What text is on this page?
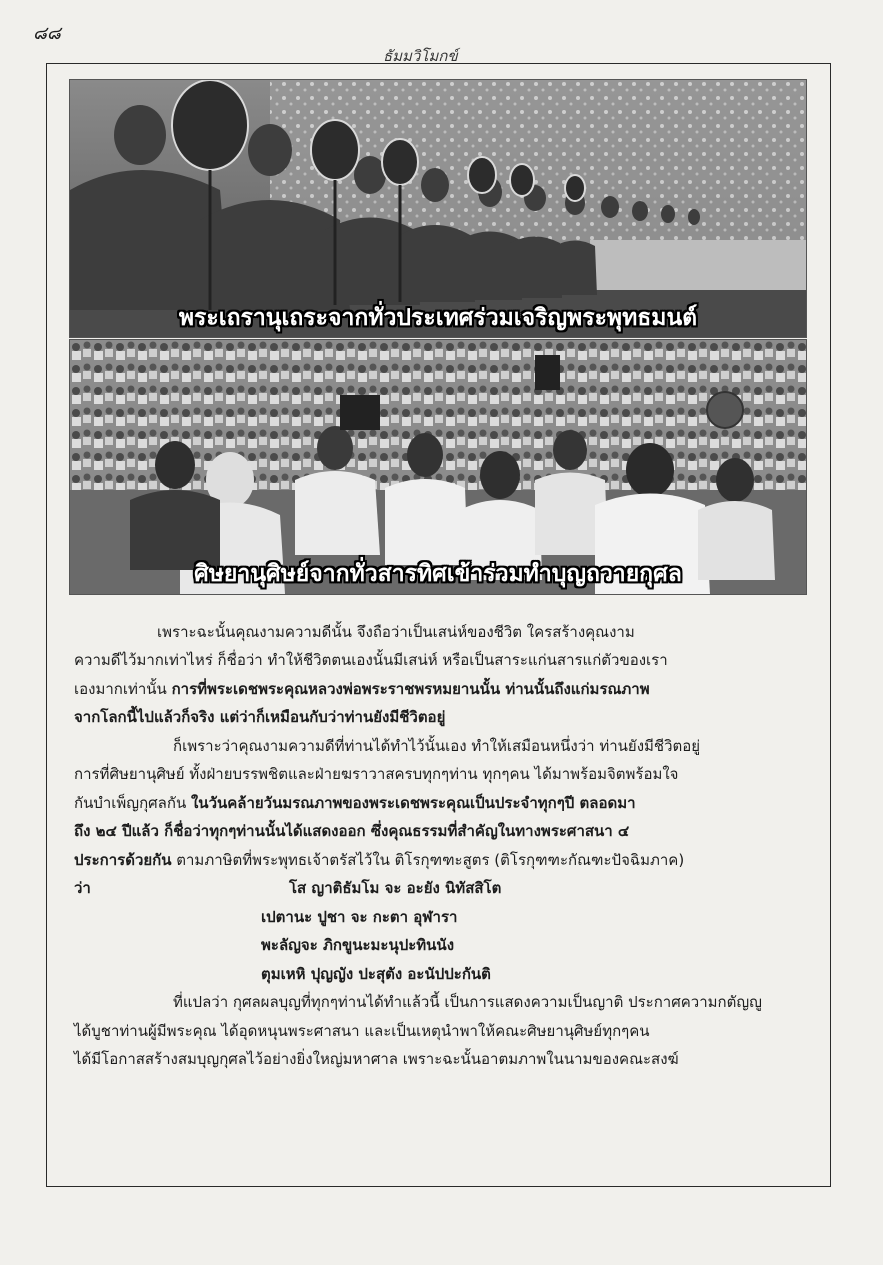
๘๘
ธัมมวิโมกข์
พระเถรานุเถระจากทั่วประเทศร่วมเจริญพระพุทธมนต์
ศิษยานุศิษย์จากทั่วสารทิศเข้าร่วมทำบุญถวายกุศล
เพราะฉะนั้นคุณงามความดีนั้น จึงถือว่าเป็นเสน่ห์ของชีวิต ใครสร้างคุณงาม
ความดีไว้มากเท่าไหร่ ก็ชื่อว่า ทำให้ชีวิตตนเองนั้นมีเสน่ห์ หรือเป็นสาระแก่นสารแก่ตัวของเรา
เองมากเท่านั้น การที่พระเดชพระคุณหลวงพ่อพระราชพรหมยานนั้น ท่านนั้นถึงแก่มรณภาพ
จากโลกนี้ไปแล้วก็จริง แต่ว่าก็เหมือนกับว่าท่านยังมีชีวิตอยู่
ก็เพราะว่าคุณงามความดีที่ท่านได้ทำไว้นั้นเอง ทำให้เสมือนหนึ่งว่า ท่านยังมีชีวิตอยู่
การที่ศิษยานุศิษย์ ทั้งฝ่ายบรรพชิตและฝ่ายฆราวาสครบทุกๆท่าน ทุกๆคน ได้มาพร้อมจิตพร้อมใจ
กันบำเพ็ญกุศลกัน ในวันคล้ายวันมรณภาพของพระเดชพระคุณเป็นประจำทุกๆปี ตลอดมา
ถึง ๒๔ ปีแล้ว ก็ชื่อว่าทุกๆท่านนั้นได้แสดงออก ซึ่งคุณธรรมที่สำคัญในทางพระศาสนา ๔
ประการด้วยกัน ตามภาษิตที่พระพุทธเจ้าตรัสไว้ใน ติโรกุฑฑะสูตร (ติโรกุฑฑะกัณฑะปัจฉิมภาค)
ว่า	โส ญาติธัมโม จะ อะยัง นิทัสสิโต
เปตานะ ปูชา จะ กะตา อุฬารา
พะลัญจะ ภิกขูนะมะนุปะทินนัง
ตุมเหหิ ปุญญัง ปะสุตัง อะนัปปะกันติ
ที่แปลว่า กุศลผลบุญที่ทุกๆท่านได้ทำแล้วนี้ เป็นการแสดงความเป็นญาติ ประกาศความกตัญญู
ได้บูชาท่านผู้มีพระคุณ ได้อุดหนุนพระศาสนา และเป็นเหตุนำพาให้คณะศิษยานุศิษย์ทุกๆคน
ได้มีโอกาสสร้างสมบุญกุศลไว้อย่างยิ่งใหญ่มหาศาล เพราะฉะนั้นอาตมภาพในนามของคณะสงฆ์
